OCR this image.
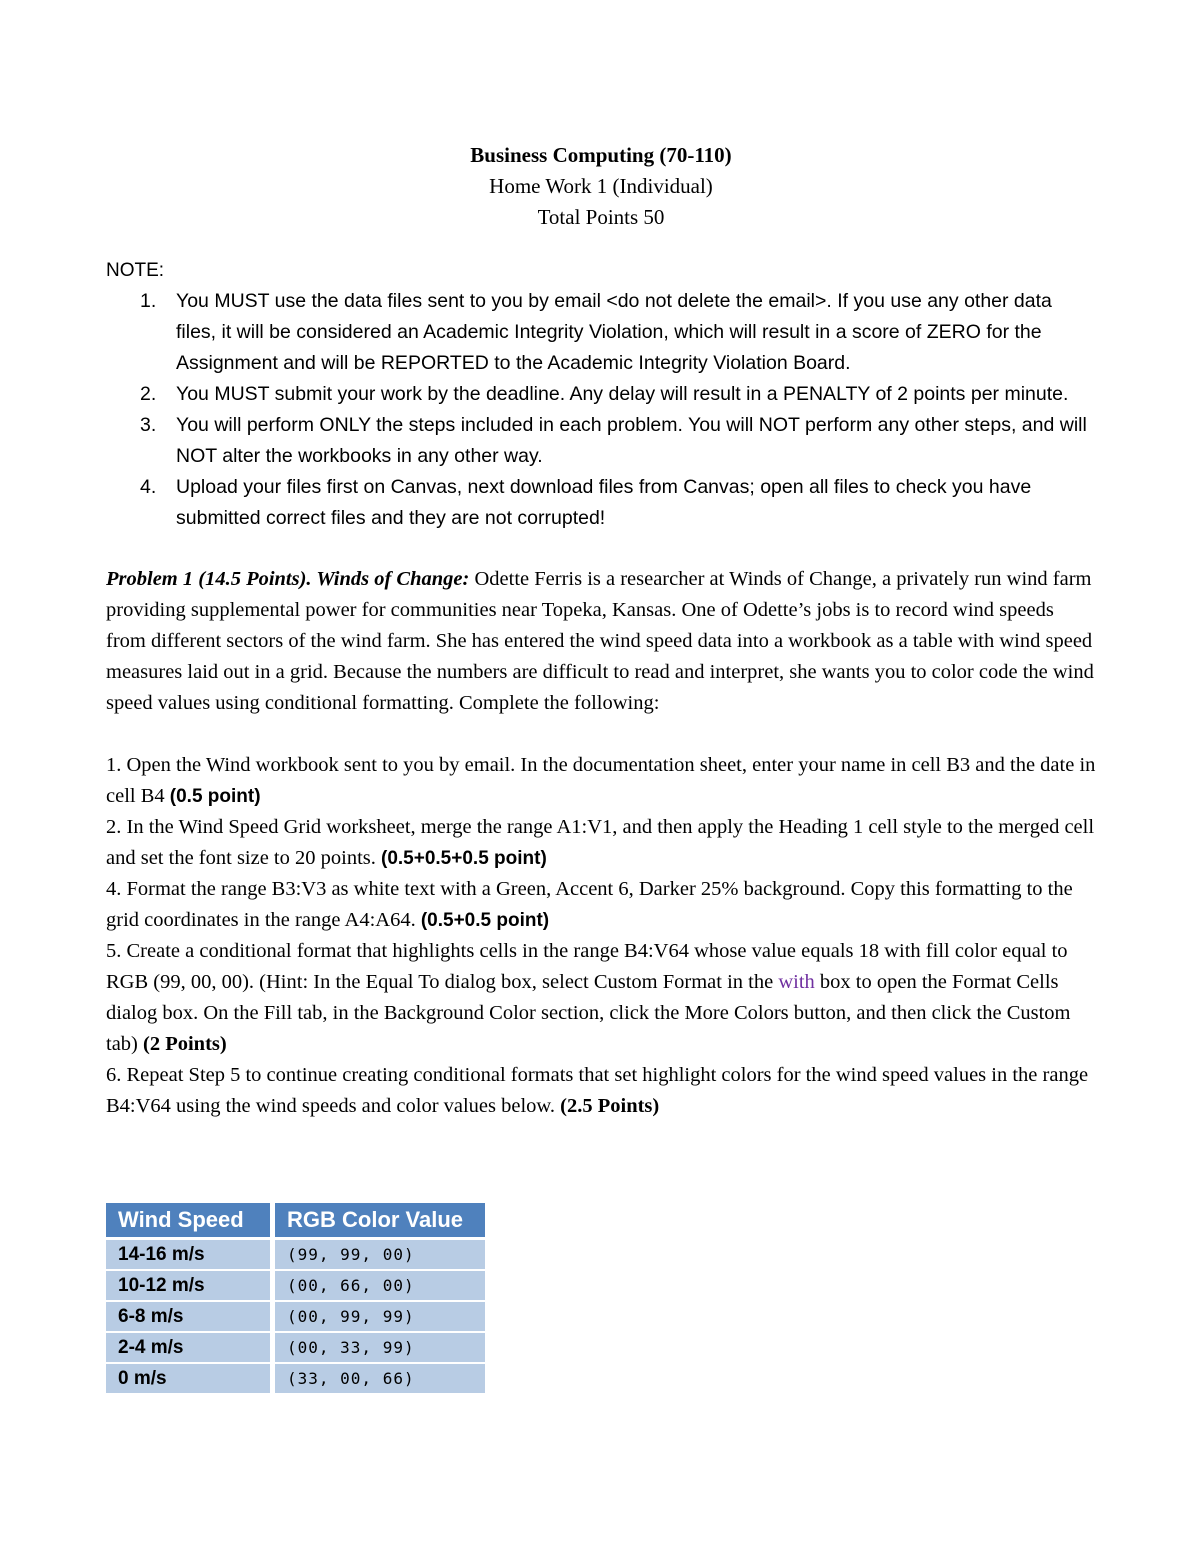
Business Computing (70-110)
Home Work 1 (Individual)
Total Points 50
NOTE:
1. You MUST use the data files sent to you by email <do not delete the email>. If you use any other data files, it will be considered an Academic Integrity Violation, which will result in a score of ZERO for the Assignment and will be REPORTED to the Academic Integrity Violation Board.
2. You MUST submit your work by the deadline. Any delay will result in a PENALTY of 2 points per minute.
3. You will perform ONLY the steps included in each problem. You will NOT perform any other steps, and will NOT alter the workbooks in any other way.
4. Upload your files first on Canvas, next download files from Canvas; open all files to check you have submitted correct files and they are not corrupted!
Problem 1 (14.5 Points). Winds of Change: Odette Ferris is a researcher at Winds of Change, a privately run wind farm providing supplemental power for communities near Topeka, Kansas. One of Odette’s jobs is to record wind speeds from different sectors of the wind farm. She has entered the wind speed data into a workbook as a table with wind speed measures laid out in a grid. Because the numbers are difficult to read and interpret, she wants you to color code the wind speed values using conditional formatting. Complete the following:
1. Open the Wind workbook sent to you by email. In the documentation sheet, enter your name in cell B3 and the date in cell B4 (0.5 point)
2. In the Wind Speed Grid worksheet, merge the range A1:V1, and then apply the Heading 1 cell style to the merged cell and set the font size to 20 points. (0.5+0.5+0.5 point)
4. Format the range B3:V3 as white text with a Green, Accent 6, Darker 25% background. Copy this formatting to the grid coordinates in the range A4:A64. (0.5+0.5 point)
5. Create a conditional format that highlights cells in the range B4:V64 whose value equals 18 with fill color equal to RGB (99, 00, 00). (Hint: In the Equal To dialog box, select Custom Format in the with box to open the Format Cells dialog box. On the Fill tab, in the Background Color section, click the More Colors button, and then click the Custom tab) (2 Points)
6. Repeat Step 5 to continue creating conditional formats that set highlight colors for the wind speed values in the range B4:V64 using the wind speeds and color values below. (2.5 Points)
Wind Speed	RGB Color Value
14-16 m/s	(99, 99, 00)
10-12 m/s	(00, 66, 00)
6-8 m/s	(00, 99, 99)
2-4 m/s	(00, 33, 99)
0 m/s	(33, 00, 66)
